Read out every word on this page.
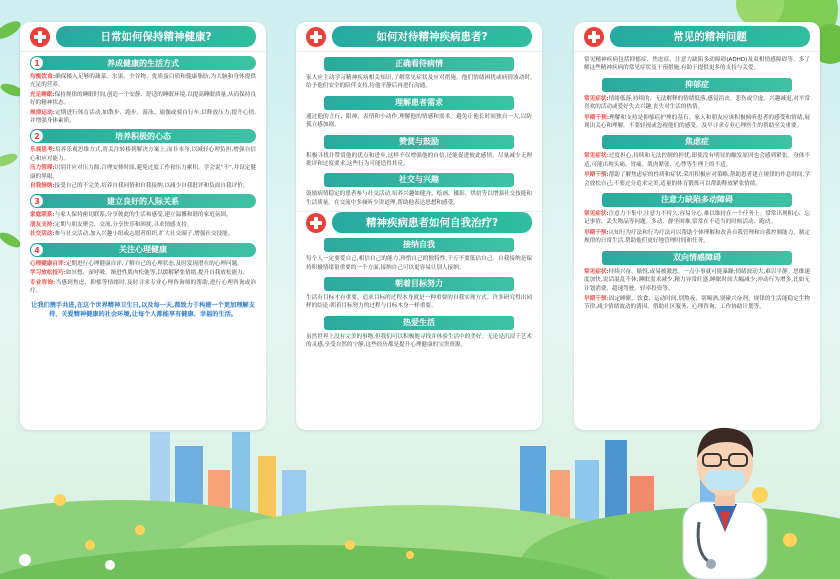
日常如何保持精神健康?
1	养成健康的生活方式

均衡饮食:确保摄入足够的蔬菜、水果、全谷物、优质蛋白质和健康脂肪,为大脑和身体提供充足的营养。

充足睡眠:保持规律的睡眠时间,创造一个安静、舒适的睡眠环境,以提高睡眠质量,从而保持良好的精神状态。

规律运动:定期进行体育活动,如散步、跑步、游泳、瑜伽或骑自行车,以释放压力,提升心情,并增强身体素质。

2	培养积极的心态

乐观思考:培养乐观思维方式,将关注转移到解决方案上,而非本身,以减轻心理负担,增强自信心和应对能力。

压力管理:识别并应对压力源,合理安排时间,避免过度工作和压力累积。学会说“不”,并设定健康的界限。

自我接纳:接受自己的不完美,培养自我同情和自我接纳,以减少自我批评和负面自我评价。

3	建立良好的人际关系

家庭联系:与家人保持密切联系,分享彼此的生活和感受,建立温馨和谐的家庭氛围。

朋友支持:定期与朋友聚会、交流,分享快乐和困扰,寻求情感支持。

社交活动:参与社交活动,加入兴趣小组或志愿者组织,扩大社交圈子,增强社交技能。

4	关注心理健康

心理健康自评:定期进行心理健康自评,了解自己的心理状态,及时发现潜在的心理问题。

学习放松技巧:如冥想、深呼吸、渐进性肌肉松弛等,以缓解紧张情绪,提升自我放松能力。

专业咨询:当感到焦虑、抑郁等情绪时,及时寻求专业心理咨询师的帮助,进行心理咨询或治疗。

让我们携手共进,在这个世界精神卫生日,以及每一天,都致力于构建一个更加理解支持、关爱精神健康的社会环境,让每个人都能享有健康、幸福的生活。
如何对待精神疾病患者?
正确看待病情
家人应主动学习精神疾病相关知识,了解常见症状及应对措施。他们情绪困扰或病情波动时,给予他们安全的陪伴支持,待他平静后再进行沟通。
理解患者需求
通过他的言行、眼神、表情和小动作,理解他的情感和需求。避免让他长时间独自一人,以防孤立感加剧。
赞赏与鼓励
积极寻找并赞赏他的优点和进步,这样不仅增强他的自信,还能促进彼此感情。尽量减少无理批评和过度要求,这些行为可能适得其反。
社交与兴趣
鼓励病情稳定的患者参与社交活动,培养兴趣如健身、绘画、摄影、烘焙等以增强社交技能和生活质量。在交流中多倾听少讲道理,帮助他表达思想和感受。
精神疾病患者如何自我治疗?
接纳自我
每个人一定要爱自己,相信自己的能力,珍惜自己的独特性,千万不要低估自己。自我接纳是保持积极情绪很重要的一个方面,接纳自己可以更容易让别人接纳。
朝着目标努力
生活有目标才有重要。追求目标的过程本身就是一种重要的自我实现方式。许多研究得出同样的结论:朝着目标努力的过程与目标本身一样重要。
热爱生活
虽然世界上没有完美的事物,但我们可以积极地寻找并体验生活中的美好。无论是沉浸于艺术的灵感,享受自然的宁静,这些经历都是提升心理健康的宝贵资源。
常见的精神问题
常见精神疾病包括抑郁症、焦虑症、注意力缺陷多动障碍(ADHD)及双相情感障碍等。多了解这些精神疾病的常见症状及干预措施,有助于提供更多的支持与关爱。
抑郁症

常见症状:情绪低落,持续的、无法解释的情绪低落,感觉沮丧、悲伤或空虚。兴趣减退,对平常喜欢的活动或爱好失去兴趣,丧失对生活的热情。

早期干预:理解和支持是抑郁症护理的基石。家人和朋友应该积极倾听患者的感受和情绪,展现出关心和理解。不要轻视或忽视他们的感受。及早寻求专业心理医生的帮助至关重要。

焦虑症

常见症状:过度担心,持续和无法控制的担忧,即使没有明显的触发原因也会感到紧张。身体不适,可能出现头痛、胃痛、肌肉紧张、心悸等生理上的不适。

早期干预:帮助了解焦虑症的性质和症状,采用积极应对策略,帮助患者建立规律的作息时间,学会放松自己,不要过分追求完美,适量的体育锻炼可以帮助释放紧张情绪。

注意力缺陷多动障碍

常见症状:注意力不集中,注意力不持久,容易分心,难以维持在一个任务上。常常出现粗心、忘记事情、丢失物品等问题。多动、静坐困难,常常在不适当的时候活动、跑动。

早期干预:认知行为疗法和行为疗法可以帮助个体理解和改善自我管理和自我控制能力。制定规律的日常生活,帮助他们更好地管理时间和任务。

双向情感障碍

常见症状:持续兴奋、愉悦,或易被激怒。一点小事就可能暴躁;情绪波动大,难以平静。思维速度加快,说话混乱不休;睡眠需求减少,精力异常旺盛,睡眠时间大幅减少;冲动行为增多,比如无计划消费、超速驾驶、轻率投资等。

早期干预:固定睡眠、饮食、运动时间,别熬夜、别喝酒,别碰兴奋剂。规律的生活能稳定生物节律,减少情绪波动的诱因。借助社区服务、心理咨询、工作协助计划等。
